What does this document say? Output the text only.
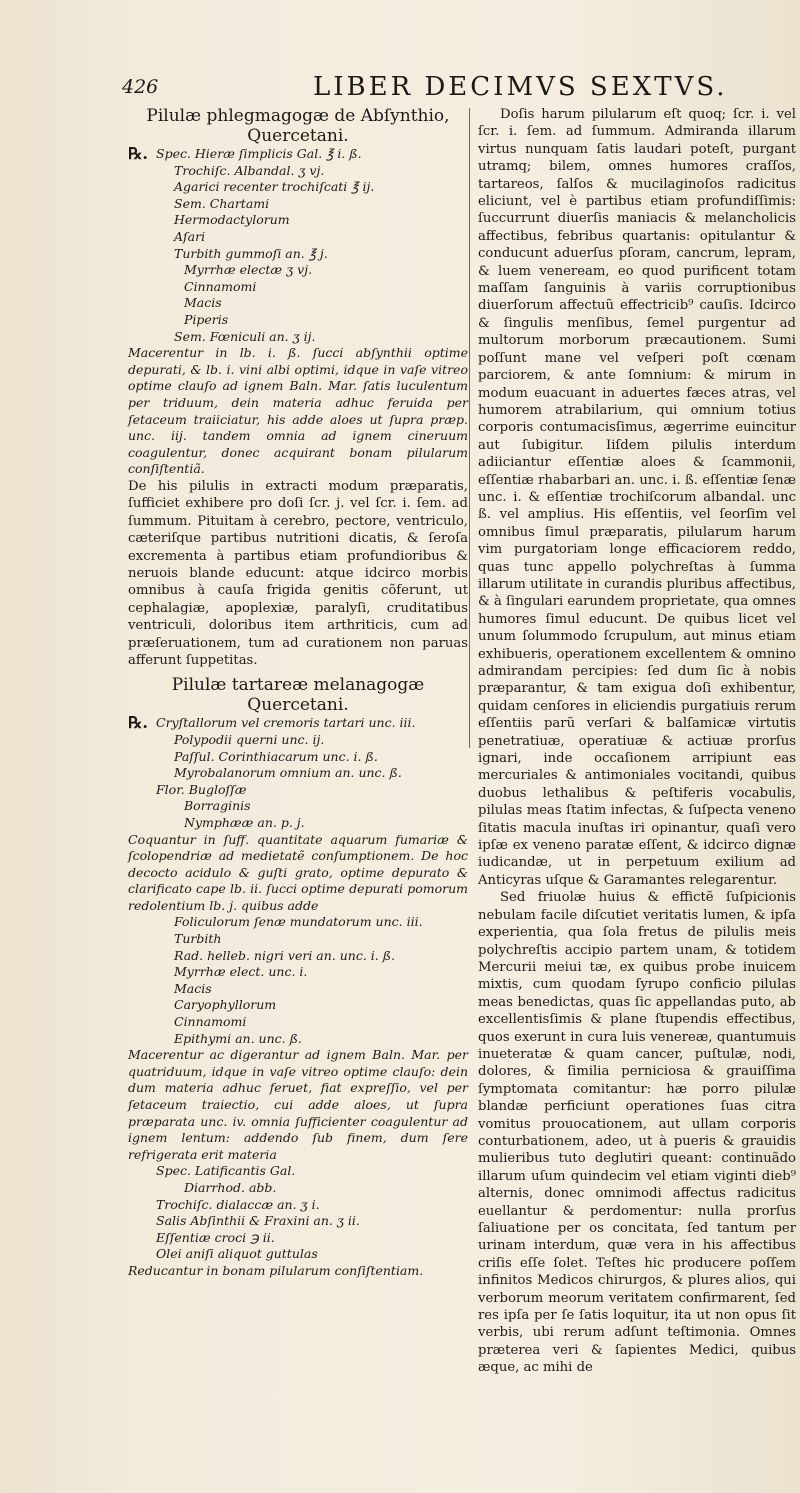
426	LIBER DECIMVS SEXTVS.

Pilulæ phlegmagogæ de Abſynthio,
Quercetani.

℞. Spec. Hieræ ſimplicis Gal. ℥ i. ß.
Trochiſc. Albandal. ʒ vj.
Agarici recenter trochiſcati ℥ ij.
Sem. Chartami
Hermodactylorum
Aſari
Turbith gummoſi an. ℥ j.
Myrrhæ electæ ʒ vj.
Cinnamomi
Macis
Piperis
Sem. Fœniculi an. ʒ ij.

Macerentur in lb. i. ß. ſucci abſynthii optime depurati, & lb. i. vini albi optimi, idque in vaſe vitreo optime clauſo ad ignem Baln. Mar. ſatis luculentum per triduum, dein materia adhuc feruida per ſetaceum traiiciatur, his adde aloes ut ſupra præp. unc. iij. tandem omnia ad ignem cineruum coagulentur, donec acquirant bonam pilularum conſiſtentiã.

De his pilulis in extracti modum præparatis, ſufficiet exhibere pro doſi ſcr. j. vel ſcr. i. ſem. ad ſummum. Pituitam à cerebro, pectore, ventriculo, cæteriſque partibus nutritioni dicatis, & ſeroſa excrementa à partibus etiam profundioribus & neruois blande educunt: atque idcirco morbis omnibus à cauſa frigida genitis cõferunt, ut cephalagiæ, apoplexiæ, paralyſi, cruditatibus ventriculi, doloribus item arthriticis, cum ad præſeruationem, tum ad curationem non paruas afferunt ſuppetitas.

Pilulæ tartareæ melanagogæ
Quercetani.

℞. Cryſtallorum vel cremoris tartari unc. iii.
Polypodii querni unc. ij.
Paſſul. Corinthiacarum unc. i. ß.
Myrobalanorum omnium an. unc. ß.
Flor. Bugloſſæ
Borraginis
Nymphææ an. p. j.

Coquantur in ſuff. quantitate aquarum fumariæ & ſcolopendriæ ad medietatẽ conſumptionem. De hoc decocto acidulo & guſti grato, optime depurato & clarificato cape lb. ii. ſucci optime depurati pomorum redolentium lb. j. quibus adde

Foliculorum ſenæ mundatorum unc. iii.
Turbith
Rad. helleb. nigri veri an. unc. i. ß.
Myrrhæ elect. unc. i.
Macis
Caryophyllorum
Cinnamomi
Epithymi an. unc. ß.

Macerentur ac digerantur ad ignem Baln. Mar. per quatriduum, idque in vaſe vitreo optime clauſo: dein dum materia adhuc feruet, fiat expreſſio, vel per ſetaceum traiectio, cui adde aloes, ut ſupra præparata unc. iv. omnia ſufficienter coagulentur ad ignem lentum: addendo ſub finem, dum ſere refrigerata erit materia

Spec. Latificantis Gal.
Diarrhod. abb.
Trochiſc. dialaccæ an. ʒ i.
Salis Abſinthii & Fraxini an. ʒ ii.
Eſſentiæ croci ℈ ii.
Olei aniſi aliquot guttulas

Reducantur in bonam pilularum conſiſtentiam.

Doſis harum pilularum eſt quoq; ſcr. i. vel ſcr. i. ſem. ad ſummum. Admiranda illarum virtus nunquam ſatis laudari poteſt, purgant utramq; bilem, omnes humores craſſos, tartareos, ſalſos & mucilaginoſos radicitus eliciunt, vel è partibus etiam profundiſſimis: ſuccurrunt diuerſis maniacis & melancholicis affectibus, febribus quartanis: opitulantur & conducunt aduerſus pſoram, cancrum, lepram, & luem veneream, eo quod purificent totam maſſam ſanguinis à variis corruptionibus diuerſorum affectuũ effectricib⁹ cauſis. Idcirco & ſingulis menſibus, ſemel purgentur ad multorum morborum præcautionem. Sumi poſſunt mane vel veſperi poſt cœnam parciorem, & ante ſomnium: & mirum in modum euacuant in aduertes fæces atras, vel humorem atrabilarium, qui omnium totius corporis contumacisſimus, ægerrime euincitur aut ſubigitur. Iiſdem pilulis interdum adiiciantur eſſentiæ aloes & ſcammonii, eſſentiæ rhabarbari an. unc. i. ß. eſſentiæ ſenæ unc. i. & eſſentiæ trochiſcorum albandal. unc ß. vel amplius. His eſſentiis, vel ſeorſim vel omnibus ſimul præparatis, pilularum harum vim purgatoriam longe efficaciorem reddo, quas tunc appello polychreſtas à ſumma illarum utilitate in curandis pluribus affectibus, & à ſingulari earundem proprietate, qua omnes humores ſimul educunt. De quibus licet vel unum ſolummodo ſcrupulum, aut minus etiam exhibueris, operationem excellentem & omnino admirandam percipies: ſed dum ſic à nobis præparantur, & tam exigua doſi exhibentur, quidam cenſores in eliciendis purgatiuis rerum eſſentiis parũ verſari & balſamicæ virtutis penetratiuæ, operatiuæ & actiuæ prorſus ignari, inde occaſionem arripiunt eas mercuriales & antimoniales vocitandi, quibus duobus lethalibus & peſtiferis vocabulis, pilulas meas ſtatim infectas, & ſuſpecta veneno ſitatis macula inuſtas iri opinantur, quaſi vero ipſæ ex veneno paratæ eſſent, & idcirco dignæ iudicandæ, ut in perpetuum exilium ad Anticyras uſque & Garamantes relegarentur.

Sed friuolæ huius & effictẽ ſuſpicionis nebulam facile diſcutiet veritatis lumen, & ipſa experientia, qua ſola fretus de pilulis meis polychreſtis accipio partem unam, & totidem Mercurii meiui tæ, ex quibus probe inuicem mixtis, cum quodam ſyrupo conficio pilulas meas benedictas, quas ſic appellandas puto, ab excellentisſimis & plane ſtupendis effectibus, quos exerunt in cura luis venereæ, quantumuis inueteratæ & quam cancer, puſtulæ, nodi, dolores, & ſimilia perniciosa & grauiſſima ſymptomata comitantur: hæ porro pilulæ blandæ perficiunt operationes ſuas citra vomitus prouocationem, aut ullam corporis conturbationem, adeo, ut à pueris & grauidis mulieribus tuto deglutiri queant: continuãdo illarum uſum quindecim vel etiam viginti dieb⁹ alternis, donec omnimodi affectus radicitus euellantur & perdomentur: nulla prorſus ſaliuatione per os concitata, ſed tantum per urinam interdum, quæ vera in his affectibus criſis eſſe ſolet. Teſtes hic producere poſſem infinitos Medicos chirurgos, & plures alios, qui verborum meorum veritatem confirmarent, ſed res ipſa per ſe ſatis loquitur, ita ut non opus ſit verbis, ubi rerum adſunt teſtimonia. Omnes præterea veri & ſapientes Medici, quibus æque, ac mihi de
